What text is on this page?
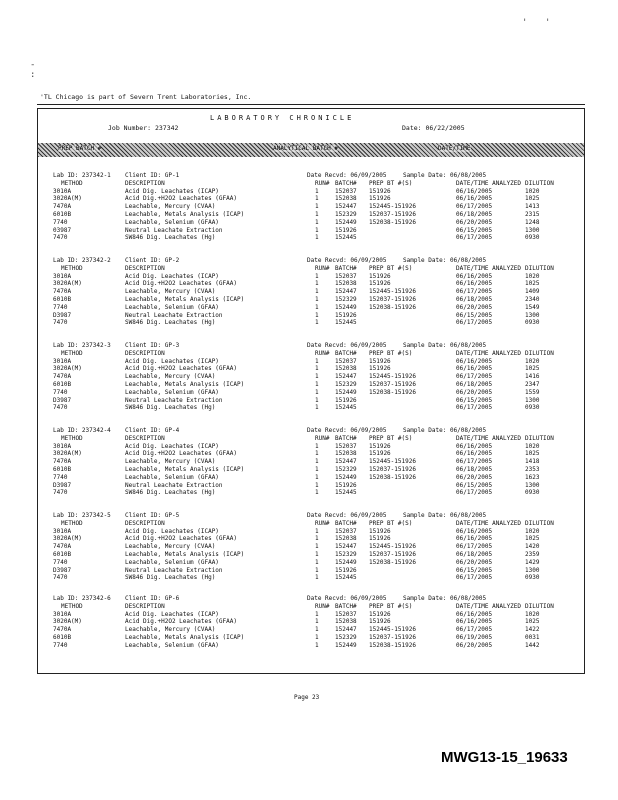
' '
-
:
'TL Chicago is part of Severn Trent Laboratories, Inc.
LABORATORY CHRONICLE
Job Number: 237342	Date: 06/22/2005
PREP BATCH #	ANALYTICAL BATCH #	DATE/TIME
Lab ID: 237342-1 Client ID: GP-1	Date Recvd: 06/09/2005	Sample Date: 06/08/2005
METHOD	DESCRIPTION	RUN# BATCH# PREP BT #(S)	DATE/TIME ANALYZED DILUTION
3010A	Acid Dig. Leachates (ICAP)	1	152037 151926	06/16/2005	1020
3020A(M)	Acid Dig.+H2O2 Leachates (GFAA)	1	152038 151926	06/16/2005	1025
7470A	Leachable, Mercury (CVAA)	1	152447 152445-151926	06/17/2005	1413
6010B	Leachable, Metals Analysis (ICAP)	1	152329 152037-151926	06/18/2005	2315
7740	Leachable, Selenium (GFAA)	1	152449 152038-151926	06/20/2005	1248
03987	Neutral Leachate Extraction	1	151926	06/15/2005	1300
7470	SW846 Dig. Leachates (Hg)	1	152445	06/17/2005	0930
Lab ID: 237342-2 Client ID: GP-2	Date Recvd: 06/09/2005	Sample Date: 06/08/2005
METHOD	DESCRIPTION	RUN# BATCH# PREP BT #(S)	DATE/TIME ANALYZED DILUTION
3010A	Acid Dig. Leachates (ICAP)	1	152037 151926	06/16/2005	1020
3020A(M)	Acid Dig.+H2O2 Leachates (GFAA)	1	152038 151926	06/16/2005	1025
7470A	Leachable, Mercury (CVAA)	1	152447 152445-151926	06/17/2005	1409
6010B	Leachable, Metals Analysis (ICAP)	1	152329 152037-151926	06/18/2005	2340
7740	Leachable, Selenium (GFAA)	1	152449 152038-151926	06/20/2005	1549
D3987	Neutral Leachate Extraction	1	151926	06/15/2005	1300
7470	SW846 Dig. Leachates (Hg)	1	152445	06/17/2005	0930
Lab ID: 237342-3 Client ID: GP-3	Date Recvd: 06/09/2005	Sample Date: 06/08/2005
METHOD	DESCRIPTION	RUN# BATCH# PREP BT #(S)	DATE/TIME ANALYZED DILUTION
3010A	Acid Dig. Leachates (ICAP)	1	152037 151926	06/16/2005	1020
3020A(M)	Acid Dig.+H2O2 Leachates (GFAA)	1	152038 151926	06/16/2005	1025
7470A	Leachable, Mercury (CVAA)	1	152447 152445-151926	06/17/2005	1416
6010B	Leachable, Metals Analysis (ICAP)	1	152329 152037-151926	06/18/2005	2347
7740	Leachable, Selenium (GFAA)	1	152449 152038-151926	06/20/2005	1559
D3987	Neutral Leachate Extraction	1	151926	06/15/2005	1300
7470	SW846 Dig. Leachates (Hg)	1	152445	06/17/2005	0930
Lab ID: 237342-4 Client ID: GP-4	Date Recvd: 06/09/2005	Sample Date: 06/08/2005
METHOD	DESCRIPTION	RUN# BATCH# PREP BT #(S)	DATE/TIME ANALYZED DILUTION
3010A	Acid Dig. Leachates (ICAP)	1	152037 151926	06/16/2005	1020
3020A(M)	Acid Dig.+H2O2 Leachates (GFAA)	1	152038 151926	06/16/2005	1025
7470A	Leachable, Mercury (CVAA)	1	152447 152445-151926	06/17/2005	1418
6010B	Leachable, Metals Analysis (ICAP)	1	152329 152037-151926	06/18/2005	2353
7740	Leachable, Selenium (GFAA)	1	152449 152038-151926	06/20/2005	1623
D3987	Neutral Leachate Extraction	1	151926	06/15/2005	1300
7470	SW846 Dig. Leachates (Hg)	1	152445	06/17/2005	0930
Lab ID: 237342-5 Client ID: GP-5	Date Recvd: 06/09/2005	Sample Date: 06/08/2005
METHOD	DESCRIPTION	RUN# BATCH# PREP BT #(S)	DATE/TIME ANALYZED DILUTION
3010A	Acid Dig. Leachates (ICAP)	1	152037 151926	06/16/2005	1020
3020A(M)	Acid Dig.+H2O2 Leachates (GFAA)	1	152038 151926	06/16/2005	1025
7470A	Leachable, Mercury (CVAA)	1	152447 152445-151926	06/17/2005	1420
6010B	Leachable, Metals Analysis (ICAP)	1	152329 152037-151926	06/18/2005	2359
7740	Leachable, Selenium (GFAA)	1	152449 152038-151926	06/20/2005	1429
D3987	Neutral Leachate Extraction	1	151926	06/15/2005	1300
7470	SW846 Dig. Leachates (Hg)	1	152445	06/17/2005	0930
Lab ID: 237342-6 Client ID: GP-6	Date Recvd: 06/09/2005	Sample Date: 06/08/2005
METHOD	DESCRIPTION	RUN# BATCH# PREP BT #(S)	DATE/TIME ANALYZED DILUTION
3010A	Acid Dig. Leachates (ICAP)	1	152037 151926	06/16/2005	1020
3020A(M)	Acid Dig.+H2O2 Leachates (GFAA)	1	152038 151926	06/16/2005	1025
7470A	Leachable, Mercury (CVAA)	1	152447 152445-151926	06/17/2005	1422
6010B	Leachable, Metals Analysis (ICAP)	1	152329 152037-151926	06/19/2005	0031
7740	Leachable, Selenium (GFAA)	1	152449 152038-151926	06/20/2005	1442
Page 23
MWG13-15_19633
